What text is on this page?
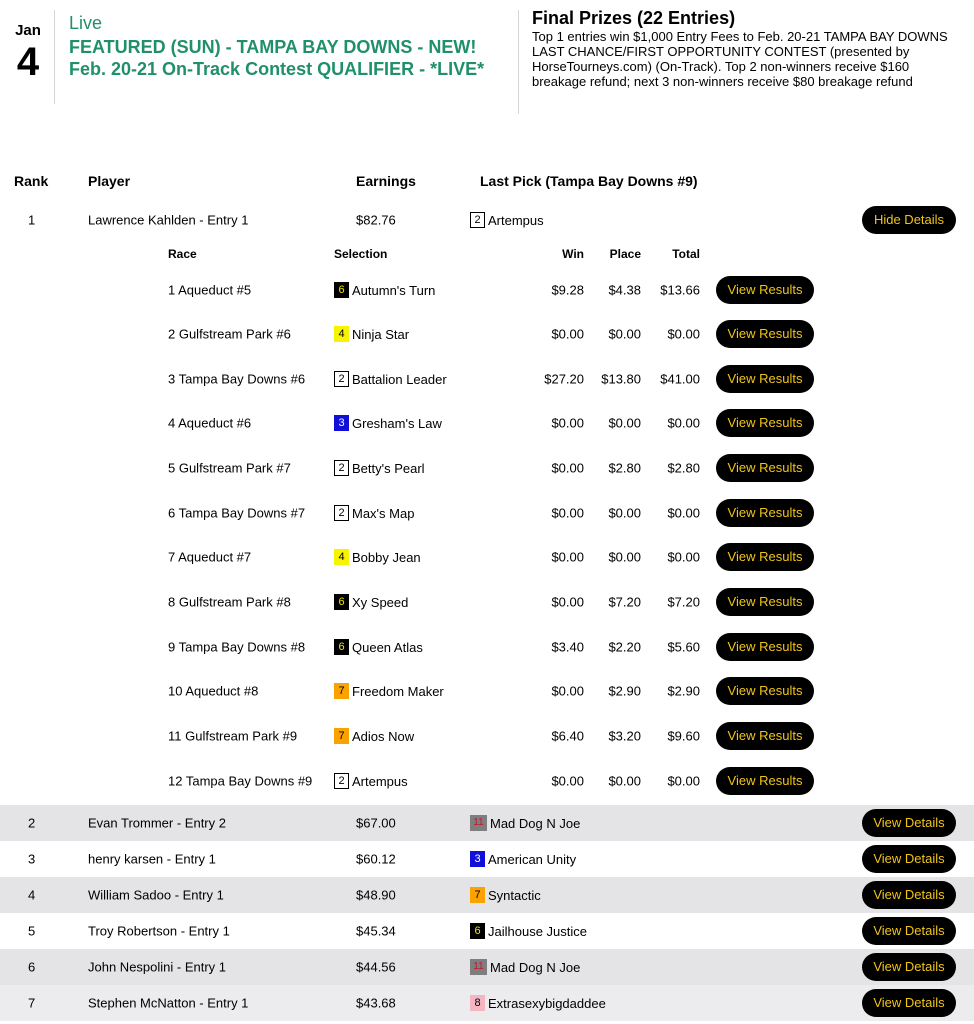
Jan
4
Live
FEATURED (SUN) - TAMPA BAY DOWNS - NEW! Feb. 20-21 On-Track Contest QUALIFIER - *LIVE*
Final Prizes (22 Entries)
Top 1 entries win $1,000 Entry Fees to Feb. 20-21 TAMPA BAY DOWNS LAST CHANCE/FIRST OPPORTUNITY CONTEST (presented by HorseTourneys.com) (On-Track). Top 2 non-winners receive $160 breakage refund; next 3 non-winners receive $80 breakage refund
Rank	Player	Earnings	Last Pick (Tampa Bay Downs #9)
1	Lawrence Kahlden - Entry 1	$82.76	2 Artempus	Hide Details
Race	Selection	Win Place	Total
1 Aqueduct #5	6 Autumn's Turn	$9.28 $4.38 $13.66	View Results
2 Gulfstream Park #6	4 Ninja Star	$0.00 $0.00 $0.00	View Results
3 Tampa Bay Downs #6	2 Battalion Leader	$27.20 $13.80 $41.00	View Results
4 Aqueduct #6	3 Gresham's Law	$0.00 $0.00 $0.00	View Results
5 Gulfstream Park #7	2 Betty's Pearl	$0.00 $2.80 $2.80	View Results
6 Tampa Bay Downs #7	2 Max's Map	$0.00 $0.00 $0.00	View Results
7 Aqueduct #7	4 Bobby Jean	$0.00 $0.00 $0.00	View Results
8 Gulfstream Park #8	6 Xy Speed	$0.00 $7.20 $7.20	View Results
9 Tampa Bay Downs #8	6 Queen Atlas	$3.40 $2.20 $5.60	View Results
10 Aqueduct #8	7 Freedom Maker	$0.00 $2.90 $2.90	View Results
11 Gulfstream Park #9	7 Adios Now	$6.40 $3.20 $9.60	View Results
12 Tampa Bay Downs #9	2 Artempus	$0.00 $0.00 $0.00	View Results
2	Evan Trommer - Entry 2	$67.00	11 Mad Dog N Joe	View Details
3	henry karsen - Entry 1	$60.12	3 American Unity	View Details
4	William Sadoo - Entry 1	$48.90	7 Syntactic	View Details
5	Troy Robertson - Entry 1	$45.34	6 Jailhouse Justice	View Details
6	John Nespolini - Entry 1	$44.56	11 Mad Dog N Joe	View Details
7	Stephen McNatton - Entry 1	$43.68	8 Extrasexybigdaddee	View Details
